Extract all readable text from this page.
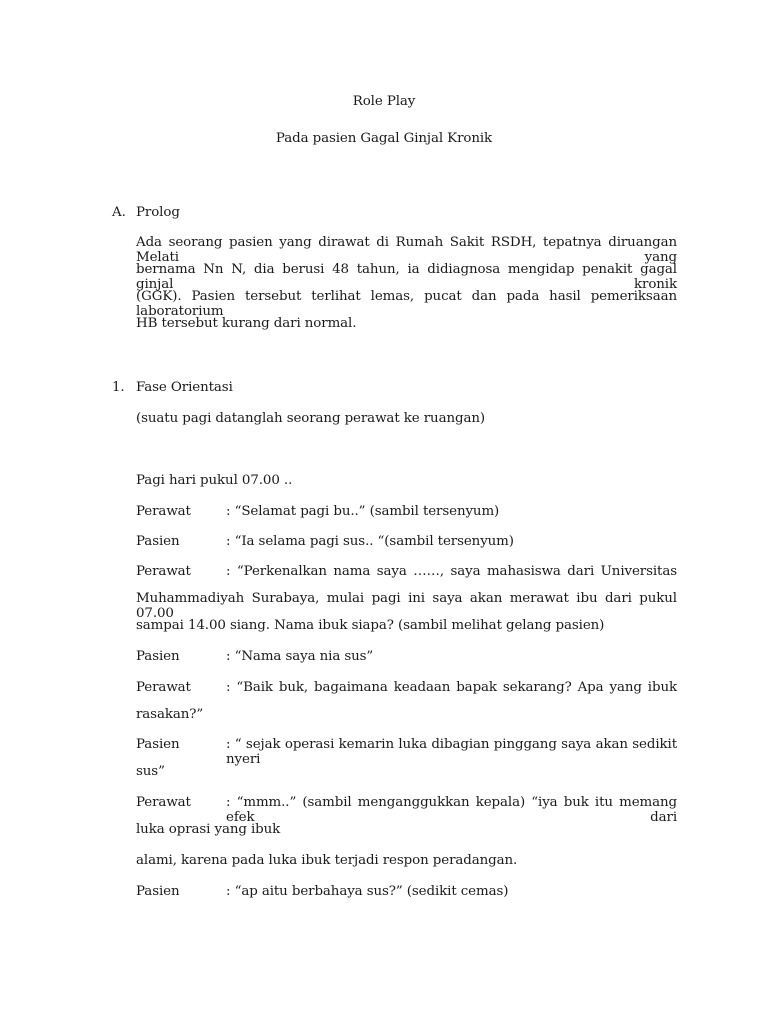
Role Play
Pada pasien Gagal Ginjal Kronik
A. Prolog
Ada seorang pasien yang dirawat di Rumah Sakit RSDH, tepatnya diruangan Melati yang
bernama Nn N, dia berusi 48 tahun, ia didiagnosa mengidap penakit gagal ginjal kronik
(GGK). Pasien tersebut terlihat lemas, pucat dan pada hasil pemeriksaan laboratorium
HB tersebut kurang dari normal.
1. Fase Orientasi
(suatu pagi datanglah seorang perawat ke ruangan)
Pagi hari pukul 07.00 ..
Perawat	: “Selamat pagi bu..” (sambil tersenyum)
Pasien	: “Ia selama pagi sus.. “(sambil tersenyum)
Perawat	: “Perkenalkan nama saya ……, saya mahasiswa dari Universitas
Muhammadiyah Surabaya, mulai pagi ini saya akan merawat ibu dari pukul 07.00
sampai 14.00 siang. Nama ibuk siapa? (sambil melihat gelang pasien)
Pasien	: “Nama saya nia sus”
Perawat	: “Baik buk, bagaimana keadaan bapak sekarang? Apa yang ibuk
rasakan?”
Pasien	: “ sejak operasi kemarin luka dibagian pinggang saya akan sedikit nyeri
sus”
Perawat	: “mmm..” (sambil menganggukkan kepala) “iya buk itu memang efek dari
luka oprasi yang ibuk
alami, karena pada luka ibuk terjadi respon peradangan.
Pasien	: “ap aitu berbahaya sus?” (sedikit cemas)
